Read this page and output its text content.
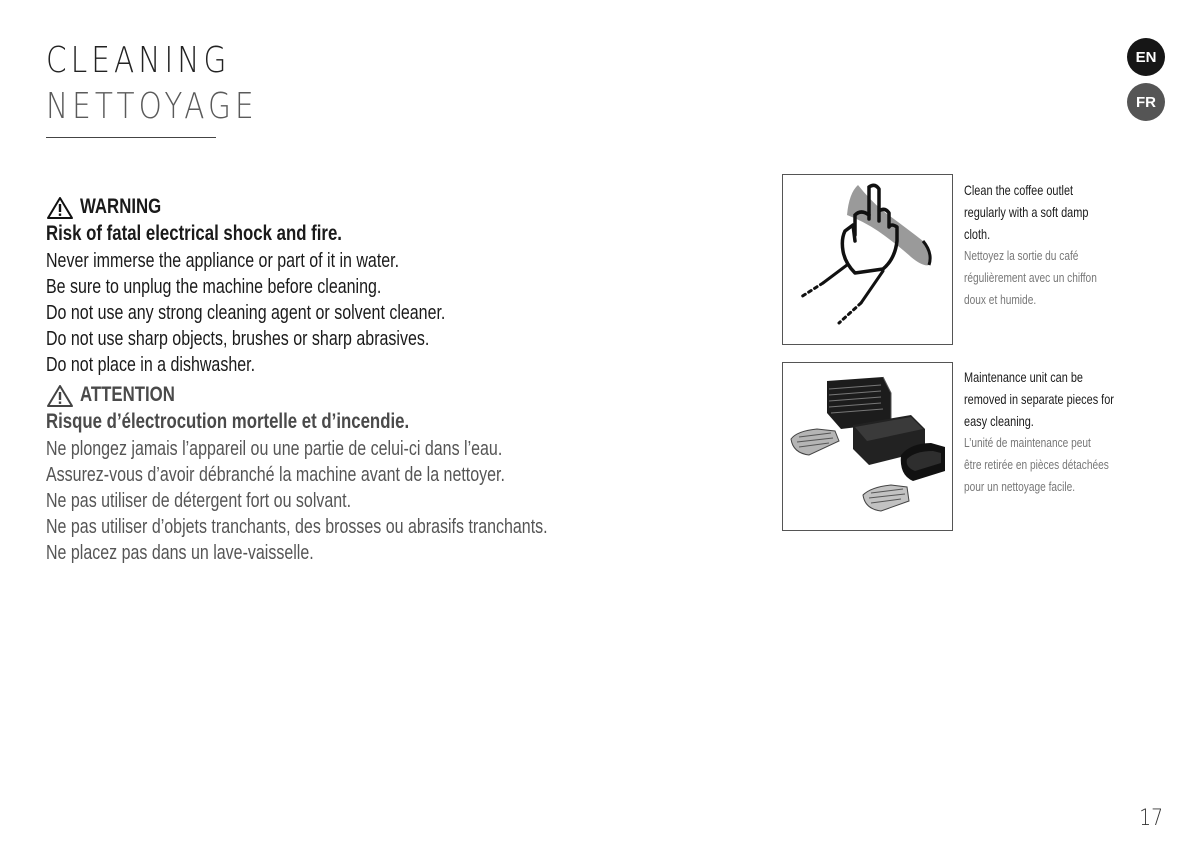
CLEANING
NETTOYAGE
EN
FR
WARNING
Risk of fatal electrical shock and fire.
Never immerse the appliance or part of it in water.
Be sure to unplug the machine before cleaning.
Do not use any strong cleaning agent or solvent cleaner.
Do not use sharp objects, brushes or sharp abrasives.
Do not place in a dishwasher.
ATTENTION
Risque d’électrocution mortelle et d’incendie.
Ne plongez jamais l’appareil ou une partie de celui-ci dans l’eau.
Assurez-vous d’avoir débranché la machine avant de la nettoyer.
Ne pas utiliser de détergent fort ou solvant.
Ne pas utiliser d’objets tranchants, des brosses ou abrasifs tranchants.
Ne placez pas dans un lave-vaisselle.
Clean the coffee outlet
regularly with a soft damp
cloth.
Nettoyez la sortie du café
régulièrement avec un chiffon
doux et humide.
Maintenance unit can be
removed in separate pieces for
easy cleaning.
L’unité de maintenance peut
être retirée en pièces détachées
pour un nettoyage facile.
17
